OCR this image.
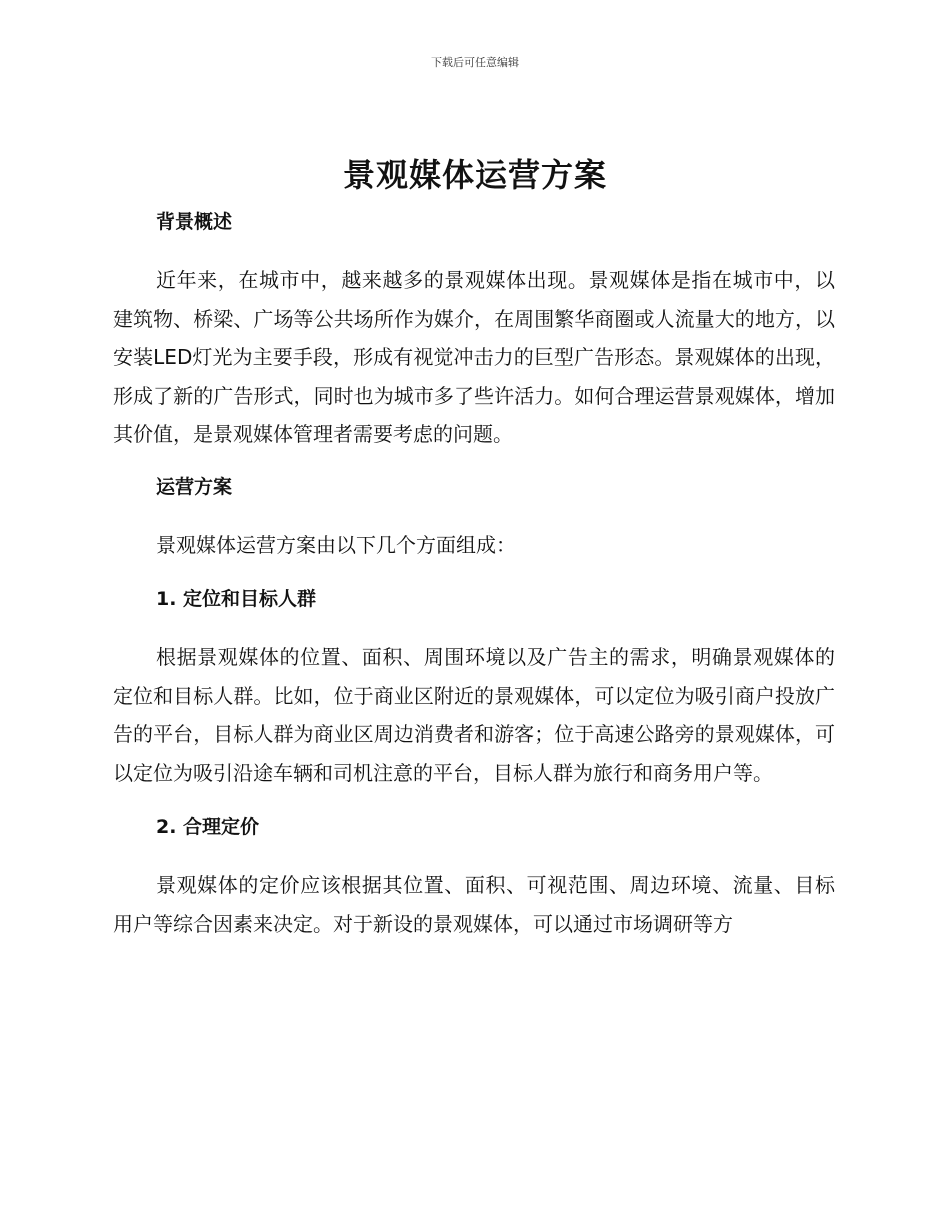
下载后可任意编辑
景观媒体运营方案

背景概述

近年来，在城市中，越来越多的景观媒体出现。景观媒体是指在城市中，以建筑物、桥梁、广场等公共场所作为媒介，在周围繁华商圈或人流量大的地方，以安装LED灯光为主要手段，形成有视觉冲击力的巨型广告形态。景观媒体的出现，形成了新的广告形式，同时也为城市多了些许活力。如何合理运营景观媒体，增加其价值，是景观媒体管理者需要考虑的问题。

运营方案

景观媒体运营方案由以下几个方面组成：

1. 定位和目标人群

根据景观媒体的位置、面积、周围环境以及广告主的需求，明确景观媒体的定位和目标人群。比如，位于商业区附近的景观媒体，可以定位为吸引商户投放广告的平台，目标人群为商业区周边消费者和游客；位于高速公路旁的景观媒体，可以定位为吸引沿途车辆和司机注意的平台，目标人群为旅行和商务用户等。

2. 合理定价

景观媒体的定价应该根据其位置、面积、可视范围、周边环境、流量、目标用户等综合因素来决定。对于新设的景观媒体，可以通过市场调研等方
